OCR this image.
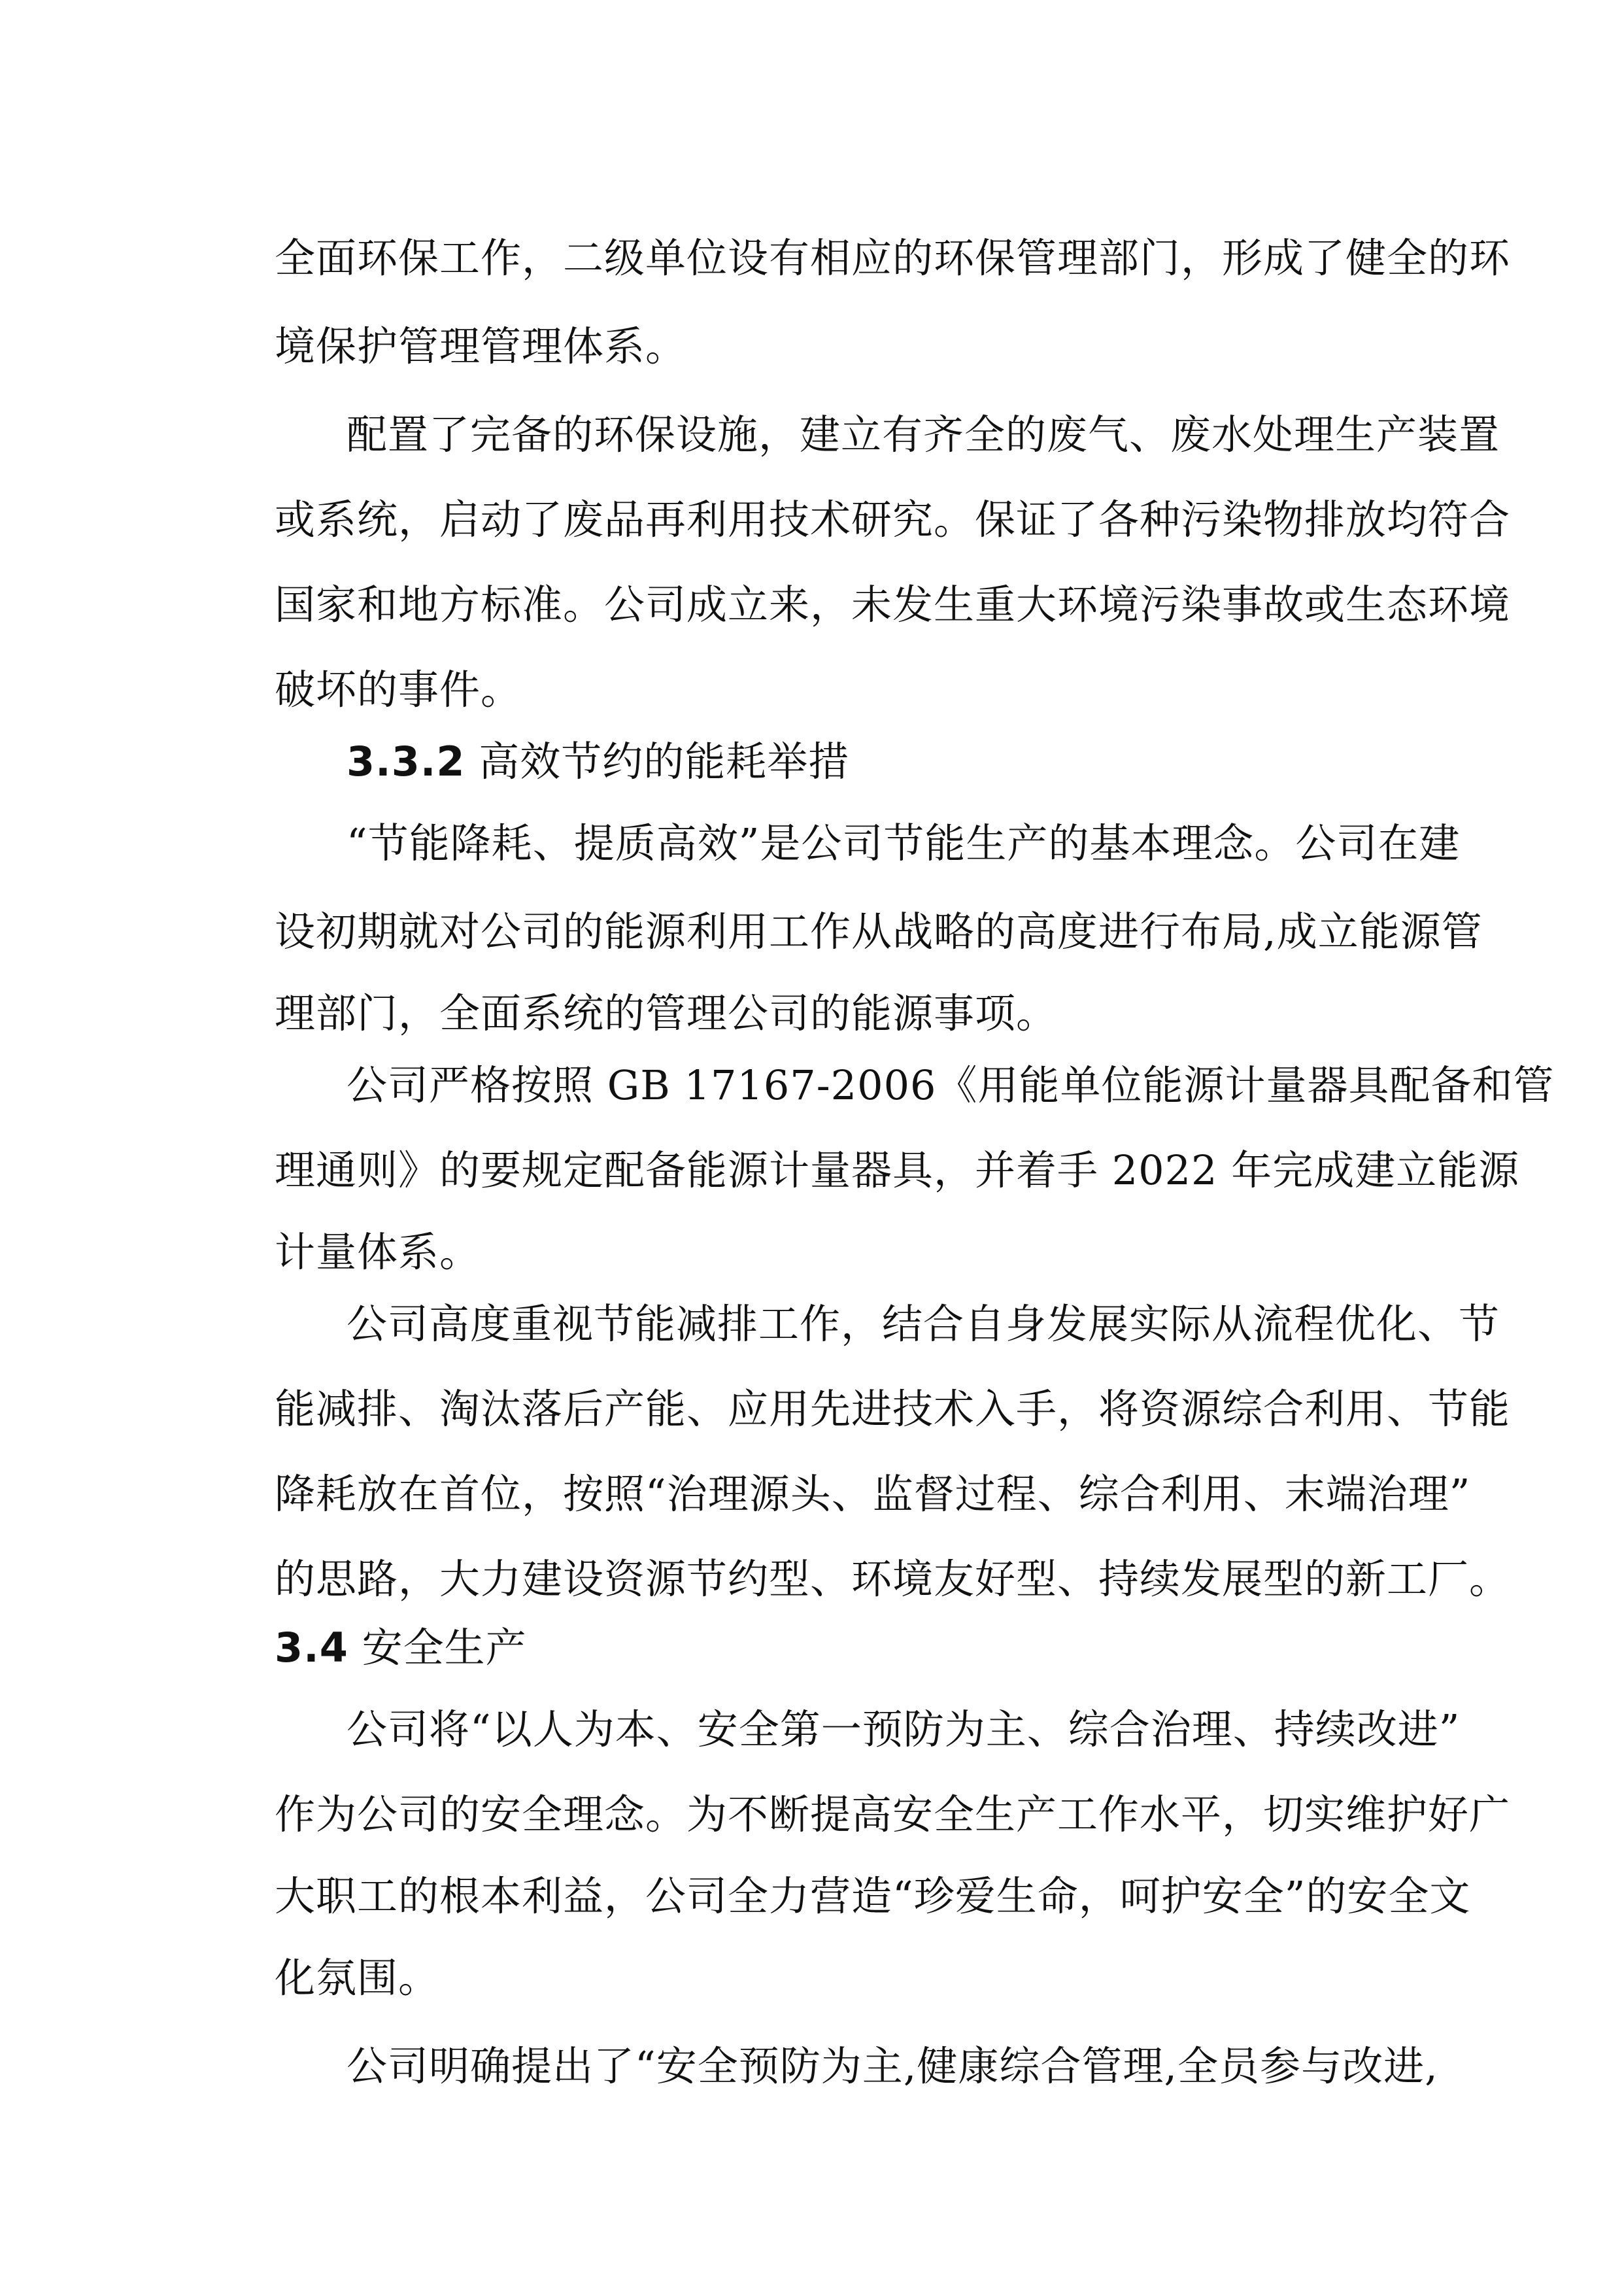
全面环保工作，二级单位设有相应的环保管理部门，形成了健全的环
境保护管理管理体系。
配置了完备的环保设施，建立有齐全的废气、废水处理生产装置
或系统，启动了废品再利用技术研究。保证了各种污染物排放均符合
国家和地方标准。公司成立来，未发生重大环境污染事故或生态环境
破坏的事件。
3.3.2 高效节约的能耗举措
“节能降耗、提质高效”是公司节能生产的基本理念。公司在建
设初期就对公司的能源利用工作从战略的高度进行布局,成立能源管
理部门，全面系统的管理公司的能源事项。
公司严格按照 GB 17167-2006《用能单位能源计量器具配备和管
理通则》的要规定配备能源计量器具，并着手 2022 年完成建立能源
计量体系。
公司高度重视节能减排工作，结合自身发展实际从流程优化、节
能减排、淘汰落后产能、应用先进技术入手，将资源综合利用、节能
降耗放在首位，按照“治理源头、监督过程、综合利用、末端治理”
的思路，大力建设资源节约型、环境友好型、持续发展型的新工厂。
3.4 安全生产
公司将“以人为本、安全第一预防为主、综合治理、持续改进”
作为公司的安全理念。为不断提高安全生产工作水平，切实维护好广
大职工的根本利益，公司全力营造“珍爱生命，呵护安全”的安全文
化氛围。
公司明确提出了“安全预防为主,健康综合管理,全员参与改进,
